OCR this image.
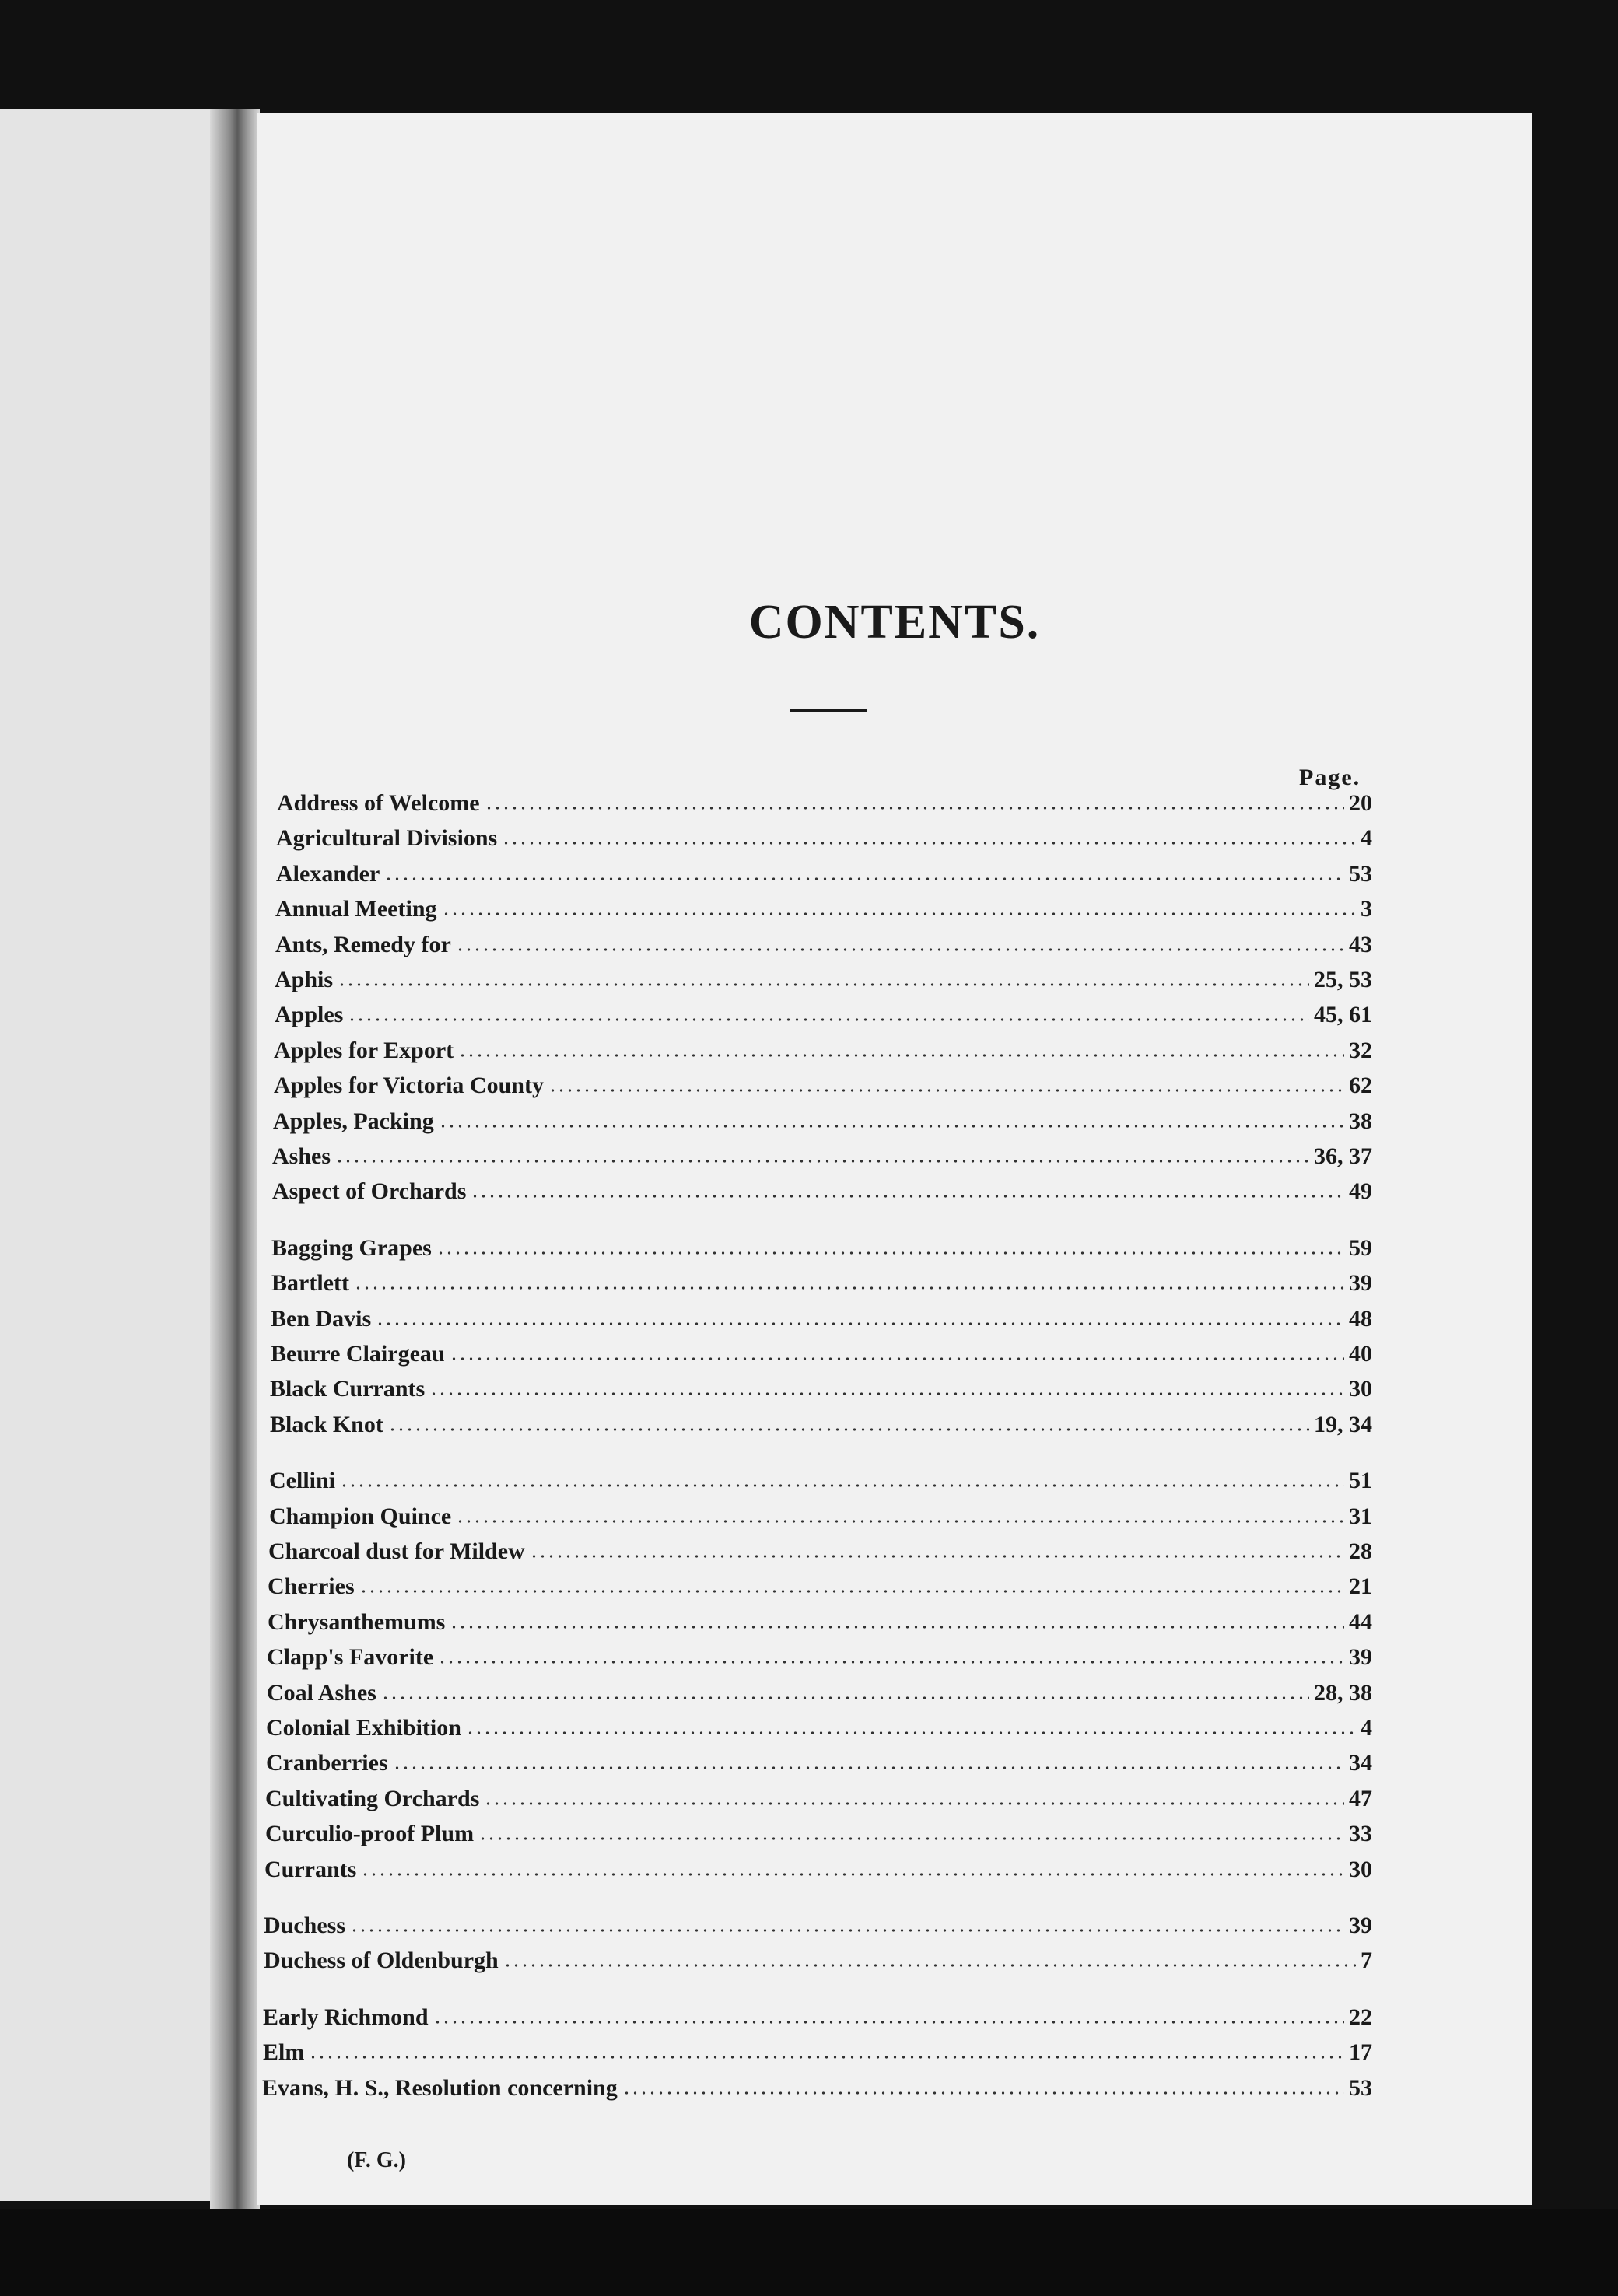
CONTENTS.
Page.
Address of Welcome	20
Agricultural Divisions	4
Alexander	53
Annual Meeting	3
Ants, Remedy for	43
Aphis	25, 53
Apples	45, 61
Apples for Export	32
Apples for Victoria County	62
Apples, Packing	38
Ashes	36, 37
Aspect of Orchards	49
Bagging Grapes	59
Bartlett	39
Ben Davis	48
Beurre Clairgeau	40
Black Currants	30
Black Knot	19, 34
Cellini	51
Champion Quince	31
Charcoal dust for Mildew	28
Cherries	21
Chrysanthemums	44
Clapp's Favorite	39
Coal Ashes	28, 38
Colonial Exhibition	4
Cranberries	34
Cultivating Orchards	47
Curculio-proof Plum	33
Currants	30
Duchess	39
Duchess of Oldenburgh	7
Early Richmond	22
Elm	17
Evans, H. S., Resolution concerning	53
(F. G.)
